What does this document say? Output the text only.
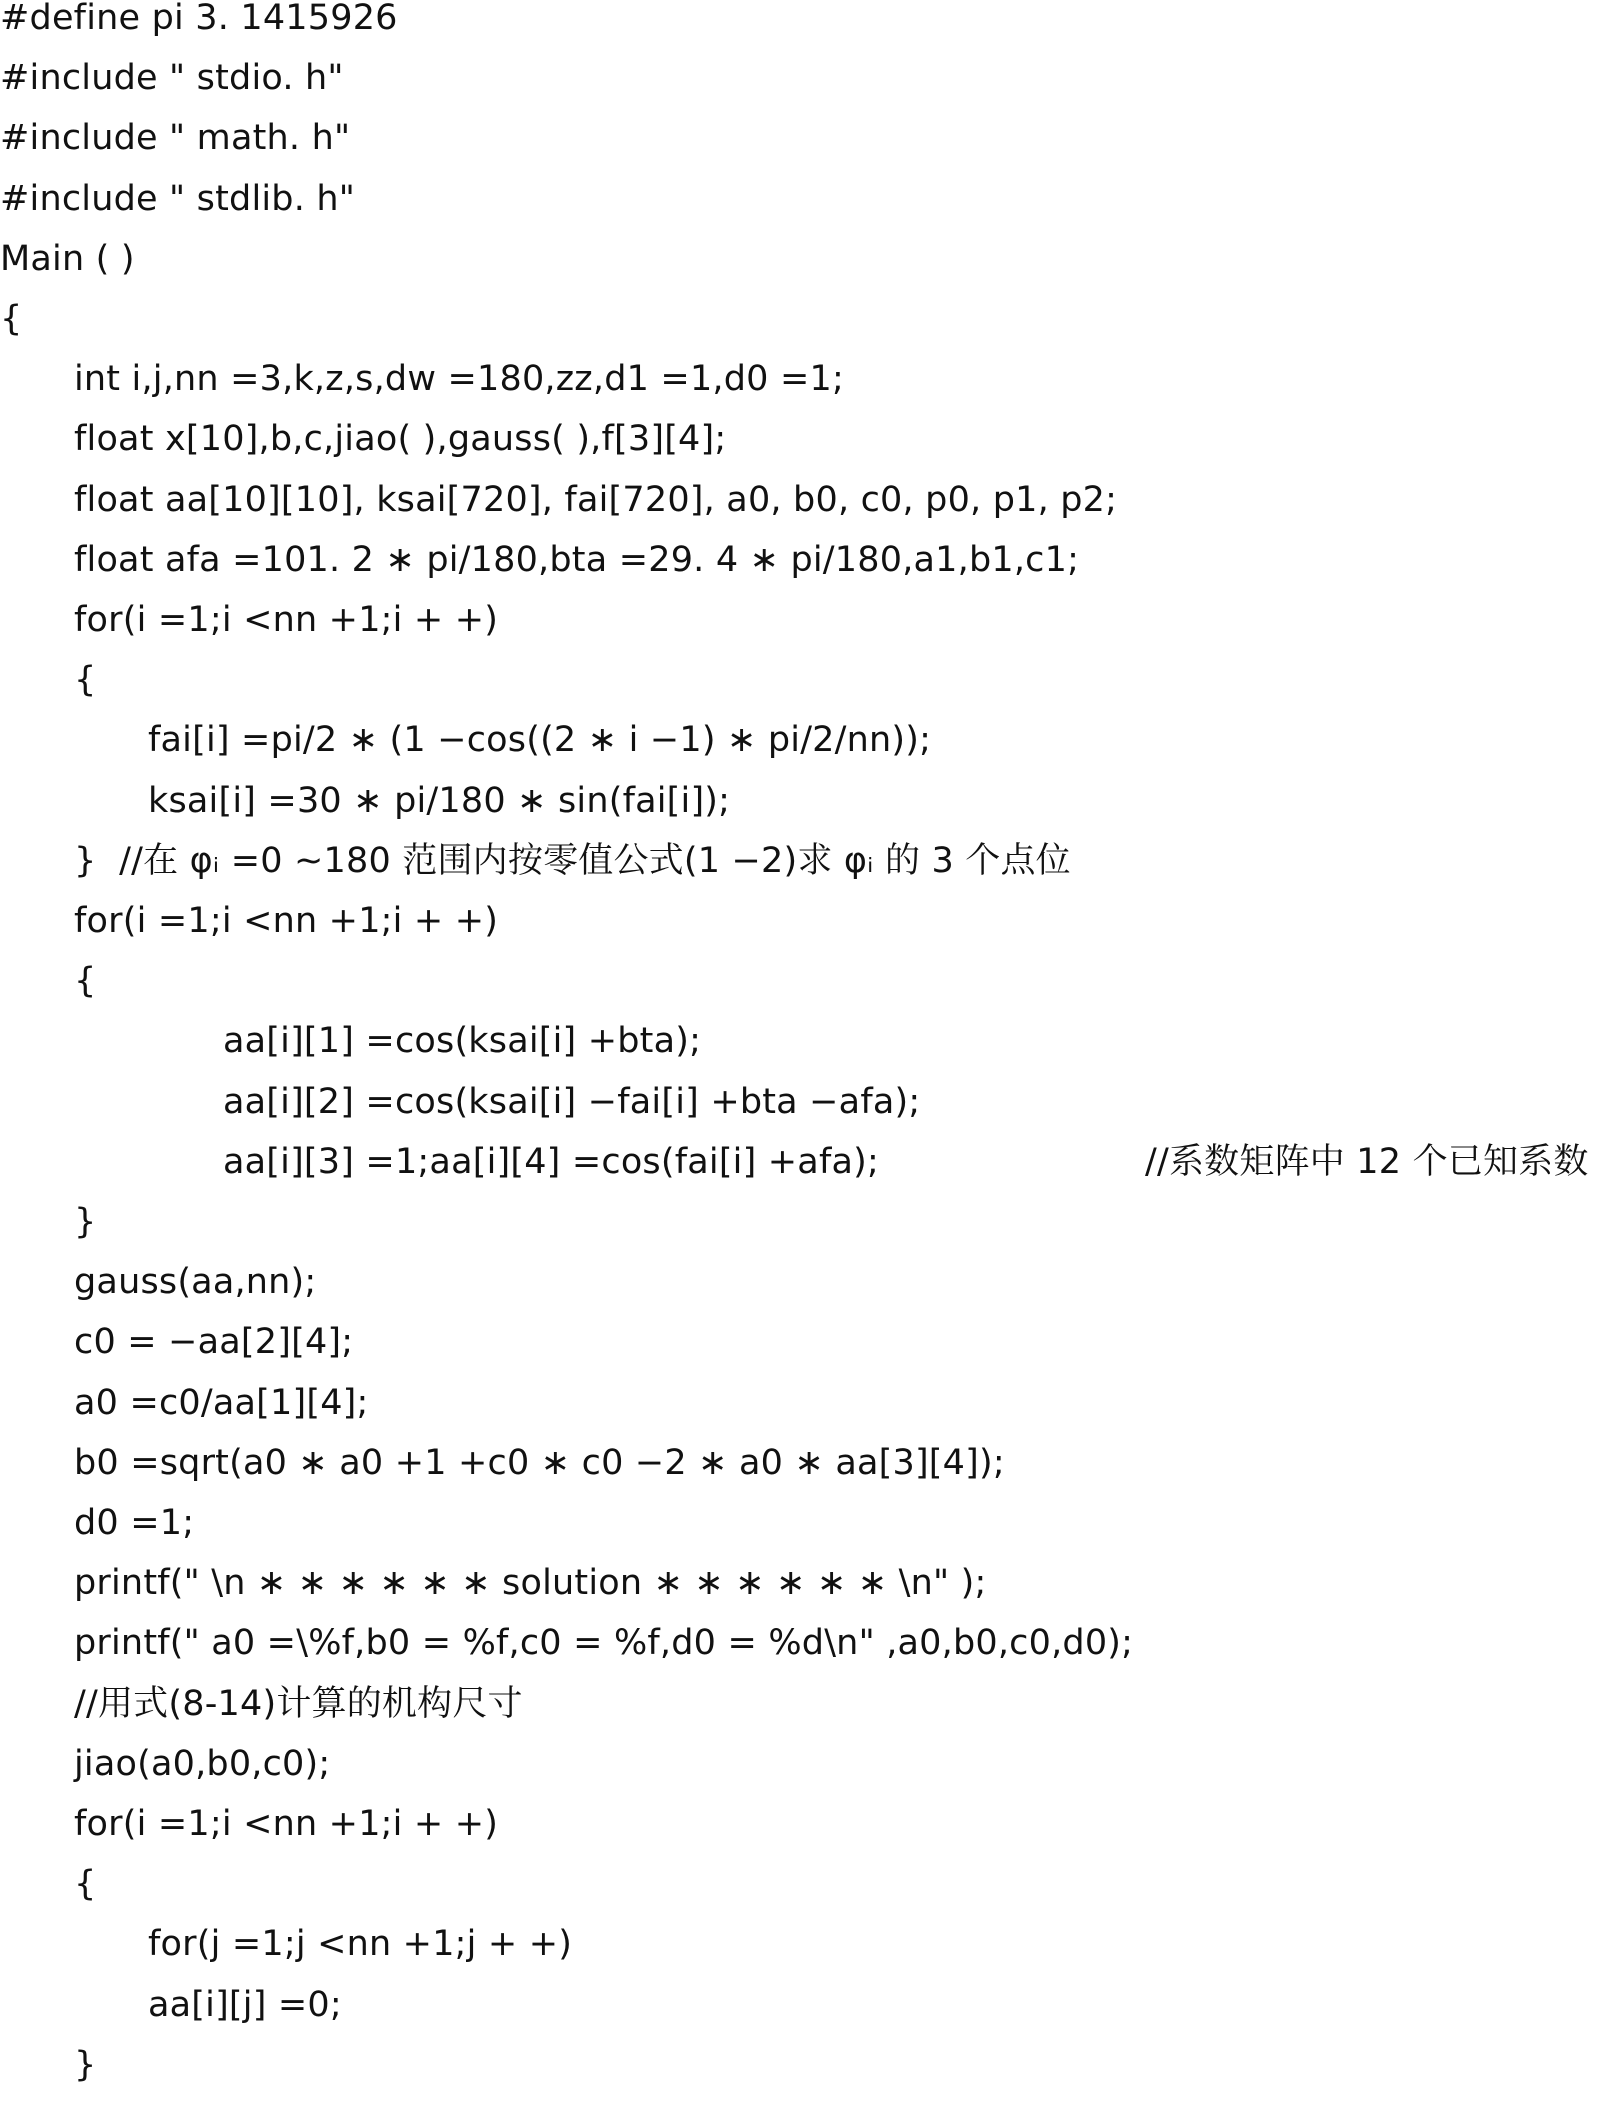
#define pi 3. 1415926
#include " stdio. h"
#include " math. h"
#include " stdlib. h"
Main ( )
{
int i,j,nn =3,k,z,s,dw =180,zz,d1 =1,d0 =1;
float x[10],b,c,jiao( ),gauss( ),f[3][4];
float aa[10][10], ksai[720], fai[720], a0, b0, c0, p0, p1, p2;
float afa =101. 2 ∗ pi/180,bta =29. 4 ∗ pi/180,a1,b1,c1;
for(i =1;i <nn +1;i + +)
{
fai[i] =pi/2 ∗ (1 −cos((2 ∗ i −1) ∗ pi/2/nn));
ksai[i] =30 ∗ pi/180 ∗ sin(fai[i]);
}  //在 φᵢ =0 ~180 范围内按零值公式(1 −2)求 φᵢ 的 3 个点位
for(i =1;i <nn +1;i + +)
{
aa[i][1] =cos(ksai[i] +bta);
aa[i][2] =cos(ksai[i] −fai[i] +bta −afa);
aa[i][3] =1;aa[i][4] =cos(fai[i] +afa);	//系数矩阵中 12 个已知系数
}
gauss(aa,nn);
c0 = −aa[2][4];
a0 =c0/aa[1][4];
b0 =sqrt(a0 ∗ a0 +1 +c0 ∗ c0 −2 ∗ a0 ∗ aa[3][4]);
d0 =1;
printf(" \n ∗ ∗ ∗ ∗ ∗ ∗ solution ∗ ∗ ∗ ∗ ∗ ∗ \n" );
printf(" a0 =\%f,b0 = %f,c0 = %f,d0 = %d\n" ,a0,b0,c0,d0);
//用式(8-14)计算的机构尺寸
jiao(a0,b0,c0);
for(i =1;i <nn +1;i + +)
{
for(j =1;j <nn +1;j + +)
aa[i][j] =0;
}
